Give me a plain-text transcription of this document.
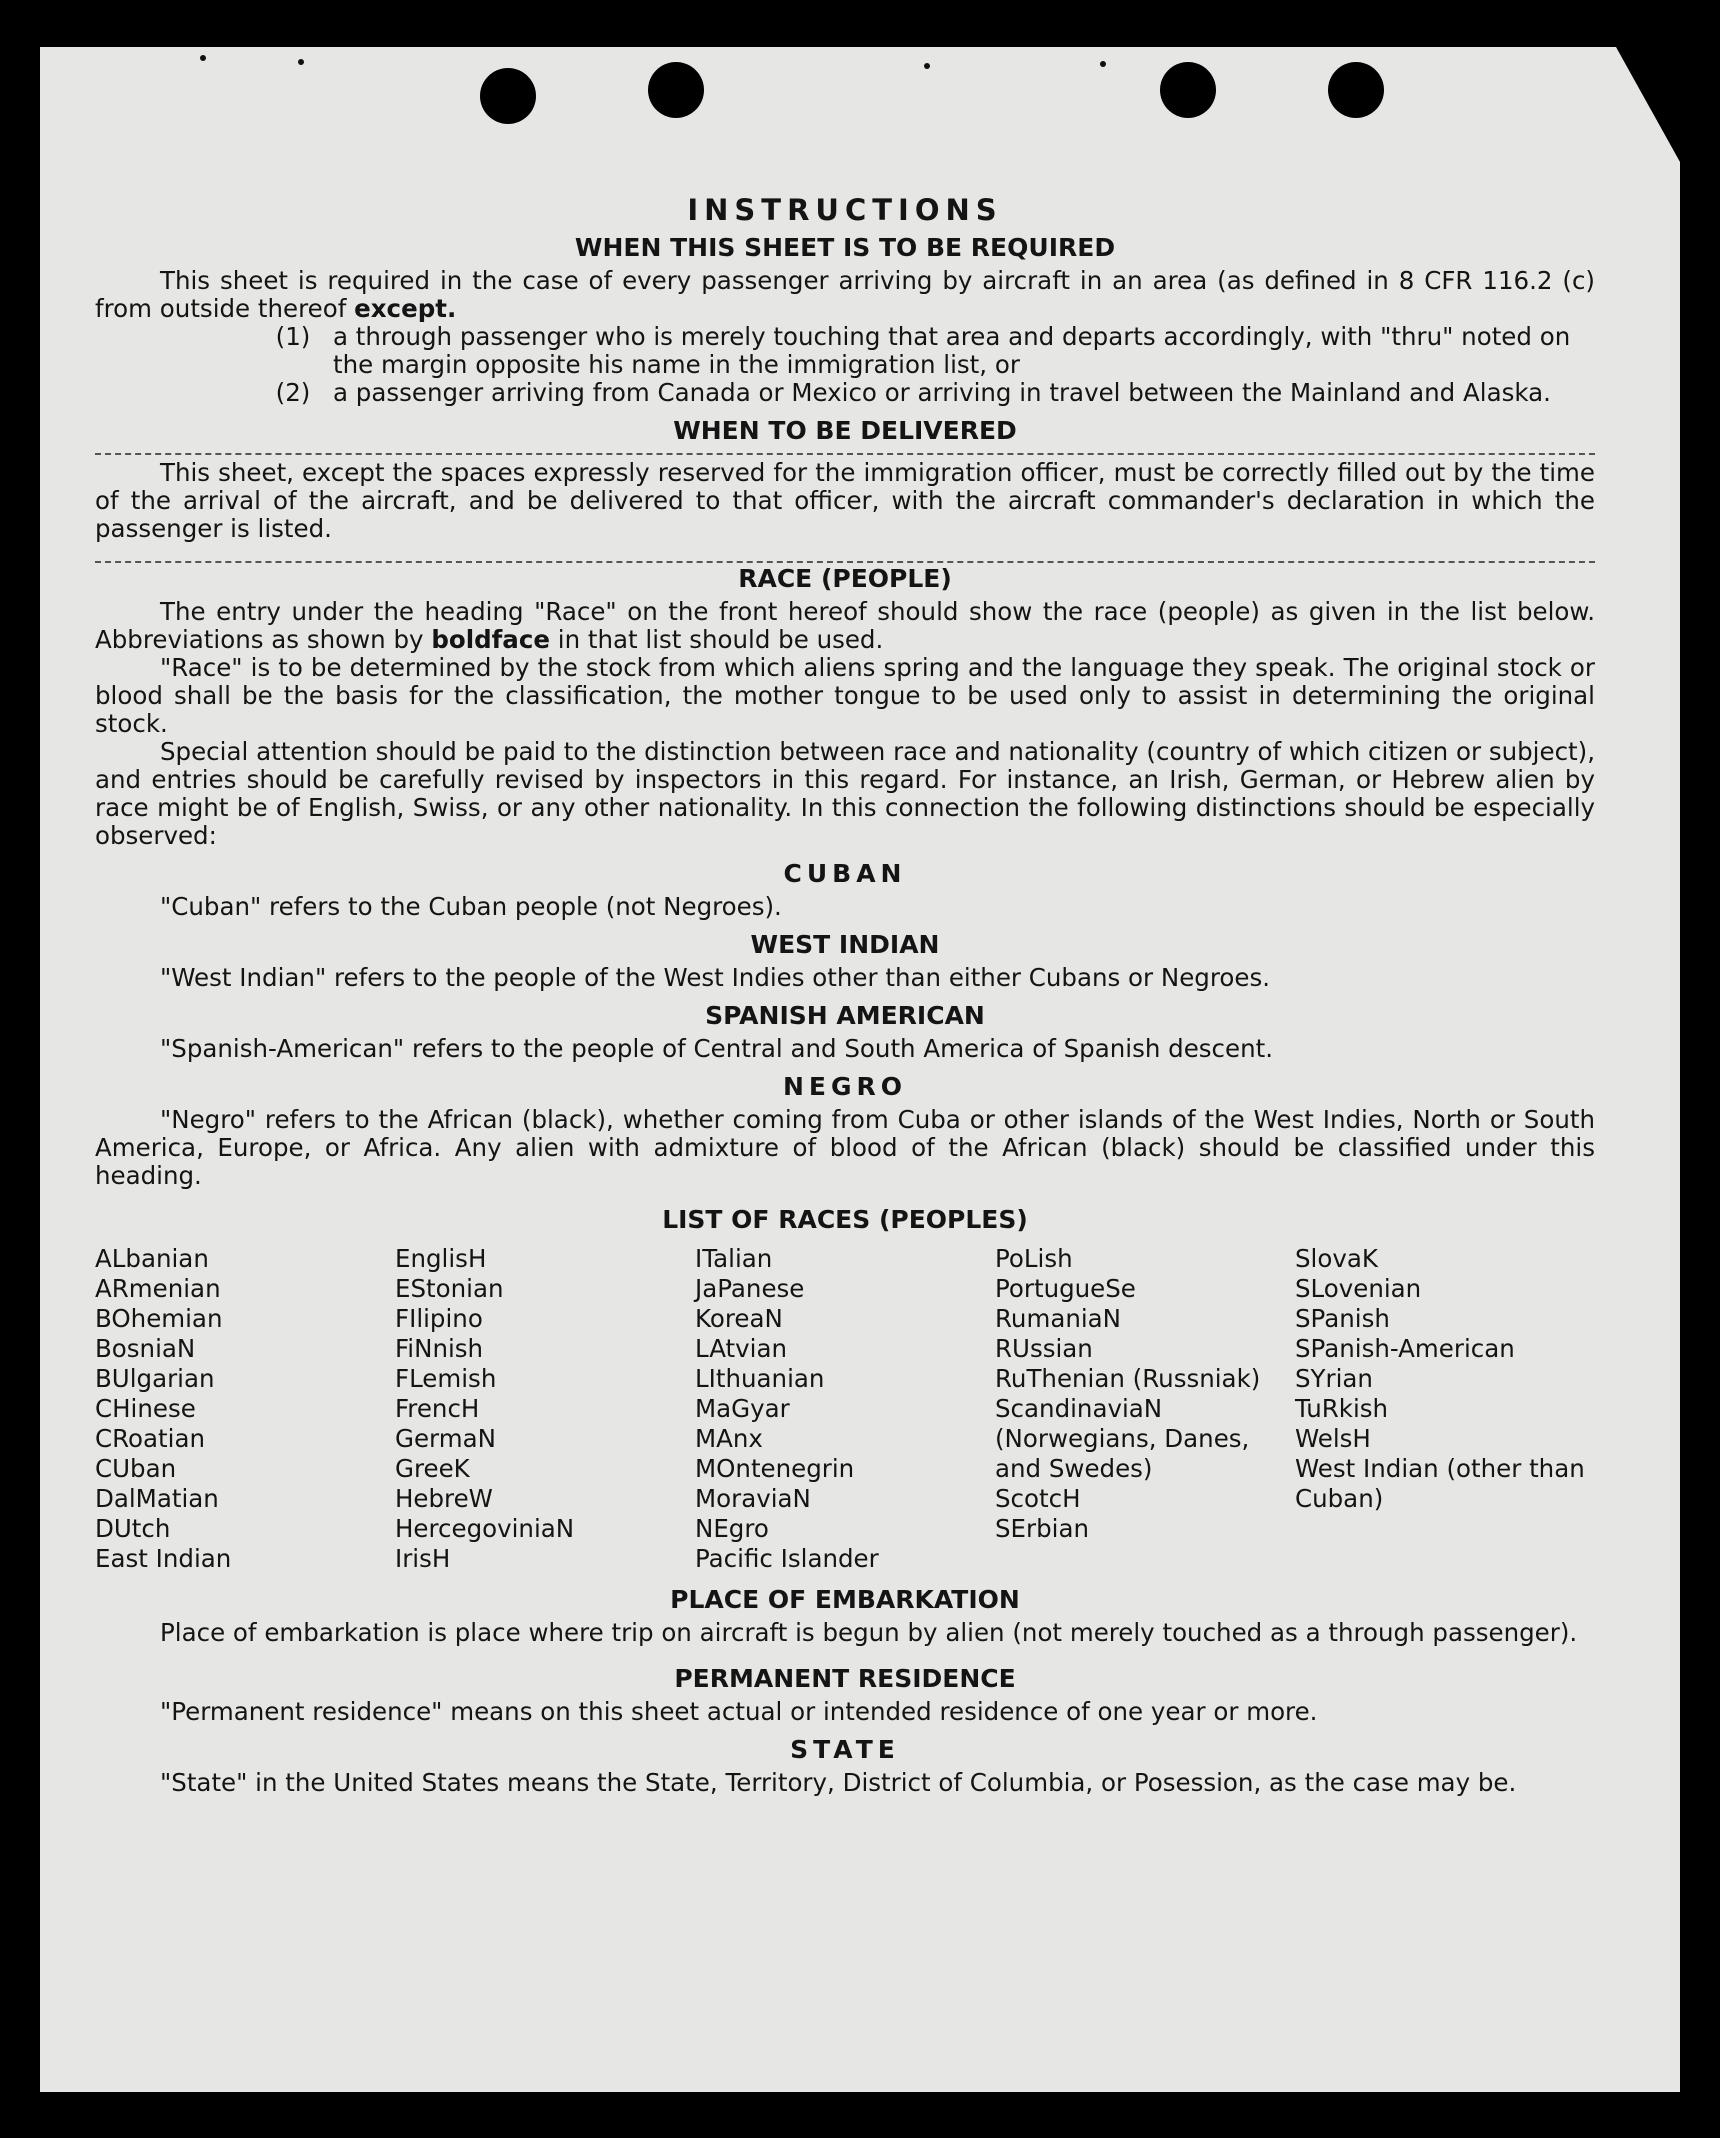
INSTRUCTIONS
WHEN THIS SHEET IS TO BE REQUIRED

This sheet is required in the case of every passenger arriving by aircraft in an area (as defined in 8 CFR 116.2 (c) from outside thereof except.

(1) a through passenger who is merely touching that area and departs accordingly, with "thru" noted on the margin opposite his name in the immigration list, or
(2) a passenger arriving from Canada or Mexico or arriving in travel between the Mainland and Alaska.
WHEN TO BE DELIVERED

This sheet, except the spaces expressly reserved for the immigration officer, must be correctly filled out by the time of the arrival of the aircraft, and be delivered to that officer, with the aircraft commander's declaration in which the passenger is listed.

RACE (PEOPLE)

The entry under the heading "Race" on the front hereof should show the race (people) as given in the list below. Abbreviations as shown by boldface in that list should be used.

"Race" is to be determined by the stock from which aliens spring and the language they speak. The original stock or blood shall be the basis for the classification, the mother tongue to be used only to assist in determining the original stock.

Special attention should be paid to the distinction between race and nationality (country of which citizen or subject), and entries should be carefully revised by inspectors in this regard. For instance, an Irish, German, or Hebrew alien by race might be of English, Swiss, or any other nationality. In this connection the following distinctions should be especially observed:

CUBAN

"Cuban" refers to the Cuban people (not Negroes).

WEST INDIAN

"West Indian" refers to the people of the West Indies other than either Cubans or Negroes.

SPANISH AMERICAN

"Spanish-American" refers to the people of Central and South America of Spanish descent.

NEGRO

"Negro" refers to the African (black), whether coming from Cuba or other islands of the West Indies, North or South America, Europe, or Africa. Any alien with admixture of blood of the African (black) should be classified under this heading.

LIST OF RACES (PEOPLES)
ALbanian
ARmenian
BOhemian
BosniaN
BUlgarian
CHinese
CRoatian
CUban
DalMatian
DUtch
East Indian
EnglisH
EStonian
FIlipino
FiNnish
FLemish
FrencH
GermaN
GreeK
HebreW
HercegoviniaN
IrisH
ITalian
JaPanese
KoreaN
LAtvian
LIthuanian
MaGyar
MAnx
MOntenegrin
MoraviaN
NEgro
Pacific Islander
PoLish
PortugueSe
RumaniaN
RUssian
RuThenian (Russniak)
ScandinaviaN (Norwegians, Danes, and Swedes)
ScotcH
SErbian
SlovaK
SLovenian
SPanish
SPanish-American
SYrian
TuRkish
WelsH
West Indian (other than Cuban)
PLACE OF EMBARKATION

Place of embarkation is place where trip on aircraft is begun by alien (not merely touched as a through passenger).

PERMANENT RESIDENCE

"Permanent residence" means on this sheet actual or intended residence of one year or more.

STATE

"State" in the United States means the State, Territory, District of Columbia, or Posession, as the case may be.
